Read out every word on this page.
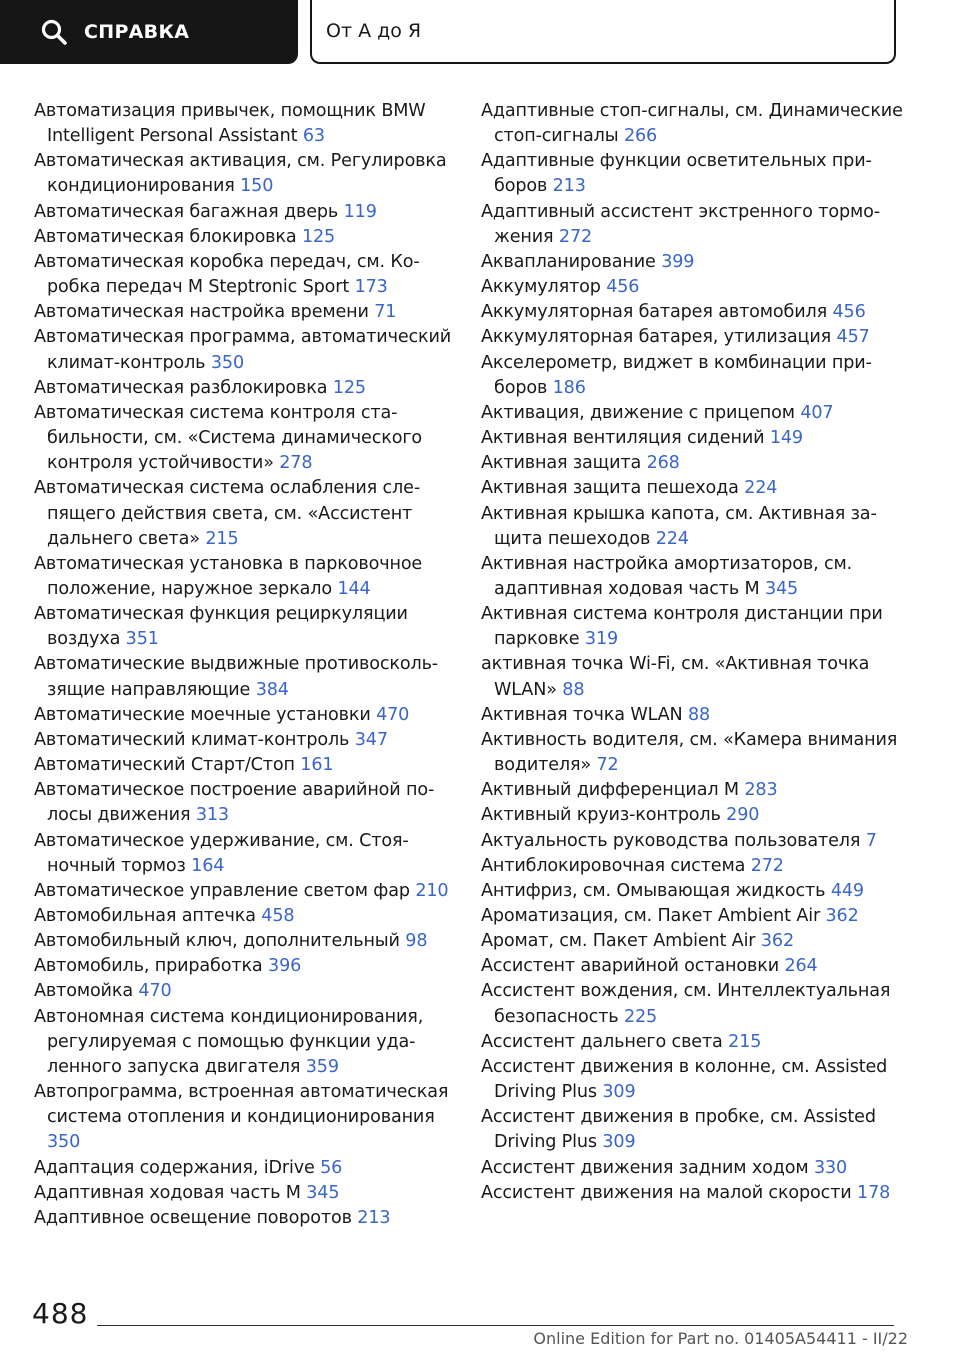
СПРАВКА	От А до Я
Автоматизация привычек, помощник BMW Intelligent Personal Assistant 63
Автоматическая активация, см. Регулировка кондиционирования 150
Автоматическая багажная дверь 119
Автоматическая блокировка 125
Автоматическая коробка передач, см. Коробка передач M Steptronic Sport 173
Автоматическая настройка времени 71
Автоматическая программа, автоматический климат-контроль 350
Автоматическая разблокировка 125
Автоматическая система контроля стабильности, см. «Система динамического контроля устойчивости» 278
Автоматическая система ослабления слепящего действия света, см. «Ассистент дальнего света» 215
Автоматическая установка в парковочное положение, наружное зеркало 144
Автоматическая функция рециркуляции воздуха 351
Автоматические выдвижные противоскользящие направляющие 384
Автоматические моечные установки 470
Автоматический климат-контроль 347
Автоматический Старт/Стоп 161
Автоматическое построение аварийной полосы движения 313
Автоматическое удерживание, см. Стояночный тормоз 164
Автоматическое управление светом фар 210
Автомобильная аптечка 458
Автомобильный ключ, дополнительный 98
Автомобиль, приработка 396
Автомойка 470
Автономная система кондиционирования, регулируемая с помощью функции удаленного запуска двигателя 359
Автопрограмма, встроенная автоматическая система отопления и кондиционирования 350
Адаптация содержания, iDrive 56
Адаптивная ходовая часть M 345
Адаптивное освещение поворотов 213
Адаптивные стоп-сигналы, см. Динамические стоп-сигналы 266
Адаптивные функции осветительных приборов 213
Адаптивный ассистент экстренного торможения 272
Аквапланирование 399
Аккумулятор 456
Аккумуляторная батарея автомобиля 456
Аккумуляторная батарея, утилизация 457
Акселерометр, виджет в комбинации приборов 186
Активация, движение с прицепом 407
Активная вентиляция сидений 149
Активная защита 268
Активная защита пешехода 224
Активная крышка капота, см. Активная защита пешеходов 224
Активная настройка амортизаторов, см. адаптивная ходовая часть M 345
Активная система контроля дистанции при парковке 319
активная точка Wi-Fi, см. «Активная точка WLAN» 88
Активная точка WLAN 88
Активность водителя, см. «Камера внимания водителя» 72
Активный дифференциал M 283
Активный круиз-контроль 290
Актуальность руководства пользователя 7
Антиблокировочная система 272
Антифриз, см. Омывающая жидкость 449
Ароматизация, см. Пакет Ambient Air 362
Аромат, см. Пакет Ambient Air 362
Ассистент аварийной остановки 264
Ассистент вождения, см. Интеллектуальная безопасность 225
Ассистент дальнего света 215
Ассистент движения в колонне, см. Assisted Driving Plus 309
Ассистент движения в пробке, см. Assisted Driving Plus 309
Ассистент движения задним ходом 330
Ассистент движения на малой скорости 178
488
Online Edition for Part no. 01405A54411 - II/22
